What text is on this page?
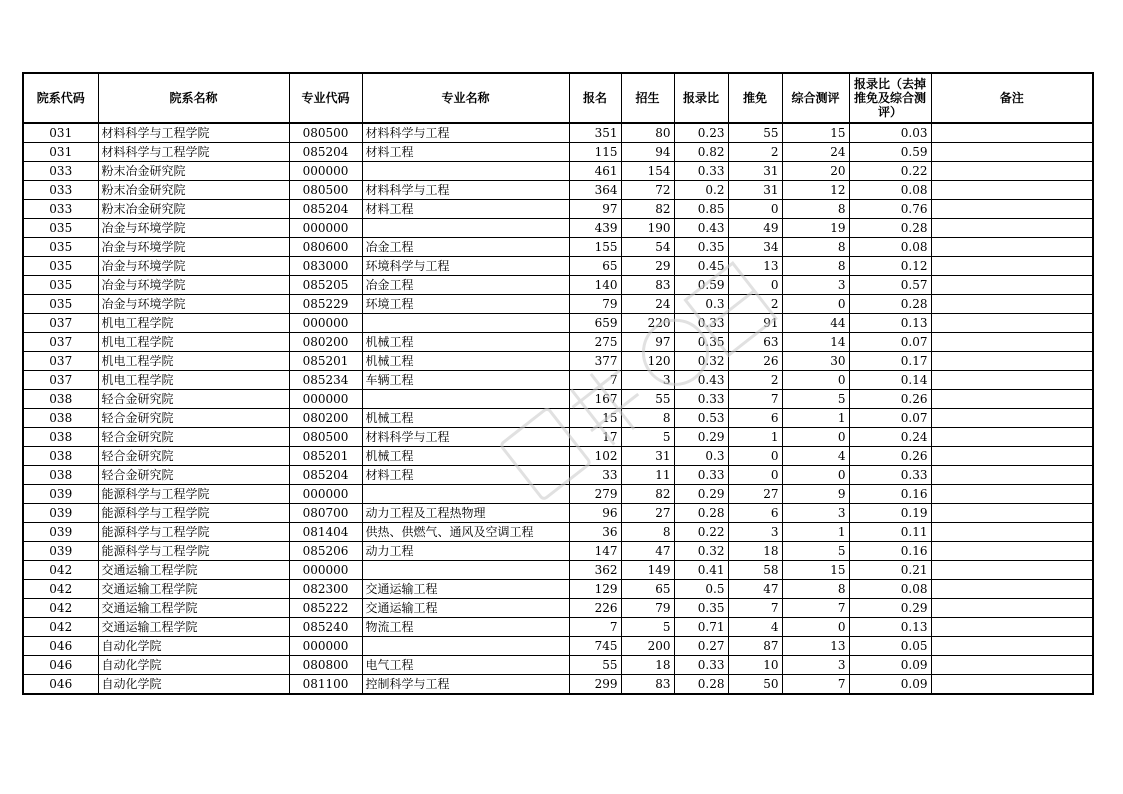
院系代码	院系名称	专业代码	专业名称	报名	招生	报录比	推免	综合测评	报录比（去掉推免及综合测评）	备注
031	材料科学与工程学院	080500	材料科学与工程	351	80	0.23	55	15	0.03	
031	材料科学与工程学院	085204	材料工程	115	94	0.82	2	24	0.59	
033	粉末冶金研究院	000000		461	154	0.33	31	20	0.22	
033	粉末冶金研究院	080500	材料科学与工程	364	72	0.2	31	12	0.08	
033	粉末冶金研究院	085204	材料工程	97	82	0.85	0	8	0.76	
035	冶金与环境学院	000000		439	190	0.43	49	19	0.28	
035	冶金与环境学院	080600	冶金工程	155	54	0.35	34	8	0.08	
035	冶金与环境学院	083000	环境科学与工程	65	29	0.45	13	8	0.12	
035	冶金与环境学院	085205	冶金工程	140	83	0.59	0	3	0.57	
035	冶金与环境学院	085229	环境工程	79	24	0.3	2	0	0.28	
037	机电工程学院	000000		659	220	0.33	91	44	0.13	
037	机电工程学院	080200	机械工程	275	97	0.35	63	14	0.07	
037	机电工程学院	085201	机械工程	377	120	0.32	26	30	0.17	
037	机电工程学院	085234	车辆工程	7	3	0.43	2	0	0.14	
038	轻合金研究院	000000		167	55	0.33	7	5	0.26	
038	轻合金研究院	080200	机械工程	15	8	0.53	6	1	0.07	
038	轻合金研究院	080500	材料科学与工程	17	5	0.29	1	0	0.24	
038	轻合金研究院	085201	机械工程	102	31	0.3	0	4	0.26	
038	轻合金研究院	085204	材料工程	33	11	0.33	0	0	0.33	
039	能源科学与工程学院	000000		279	82	0.29	27	9	0.16	
039	能源科学与工程学院	080700	动力工程及工程热物理	96	27	0.28	6	3	0.19	
039	能源科学与工程学院	081404	供热、供燃气、通风及空调工程	36	8	0.22	3	1	0.11	
039	能源科学与工程学院	085206	动力工程	147	47	0.32	18	5	0.16	
042	交通运输工程学院	000000		362	149	0.41	58	15	0.21	
042	交通运输工程学院	082300	交通运输工程	129	65	0.5	47	8	0.08	
042	交通运输工程学院	085222	交通运输工程	226	79	0.35	7	7	0.29	
042	交通运输工程学院	085240	物流工程	7	5	0.71	4	0	0.13	
046	自动化学院	000000		745	200	0.27	87	13	0.05	
046	自动化学院	080800	电气工程	55	18	0.33	10	3	0.09	
046	自动化学院	081100	控制科学与工程	299	83	0.28	50	7	0.09	
